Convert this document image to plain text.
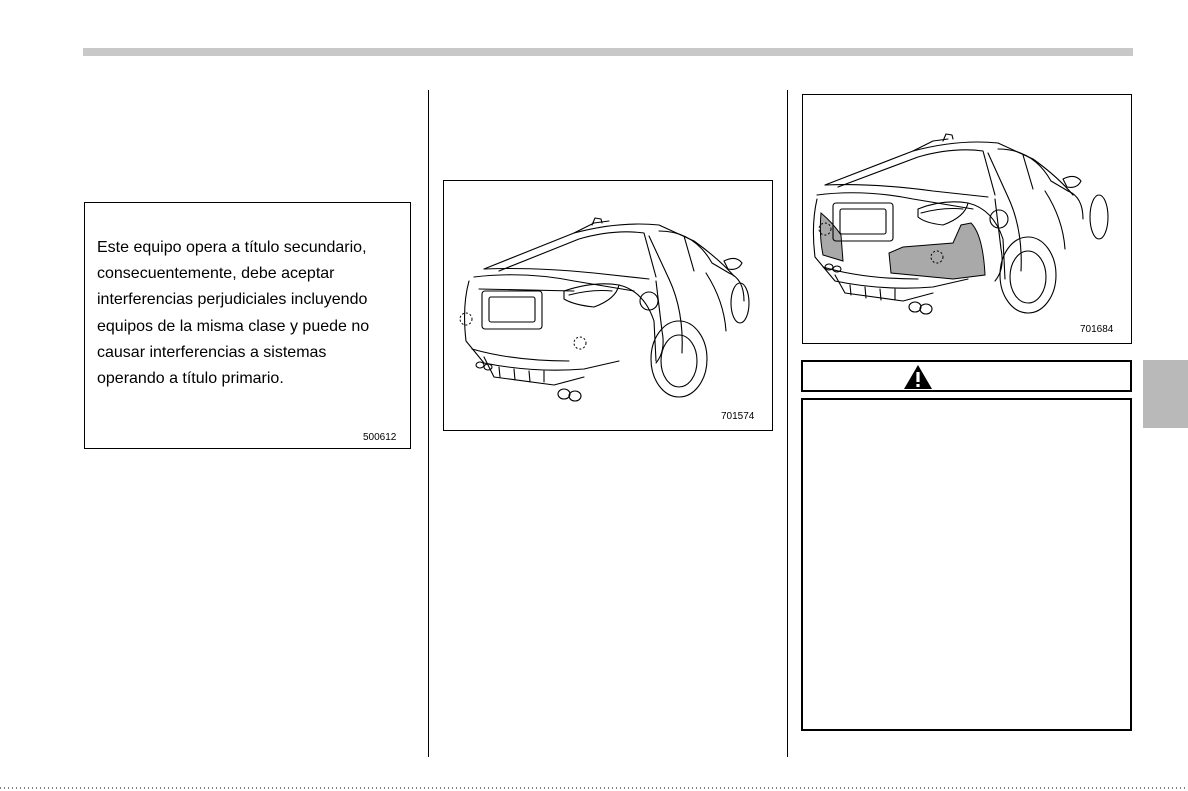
Este equipo opera a título secundario,
consecuentemente, debe aceptar
interferencias perjudiciales incluyendo
equipos de la misma clase y puede no
causar interferencias a sistemas
operando a título primario.
500612
701574
701684
